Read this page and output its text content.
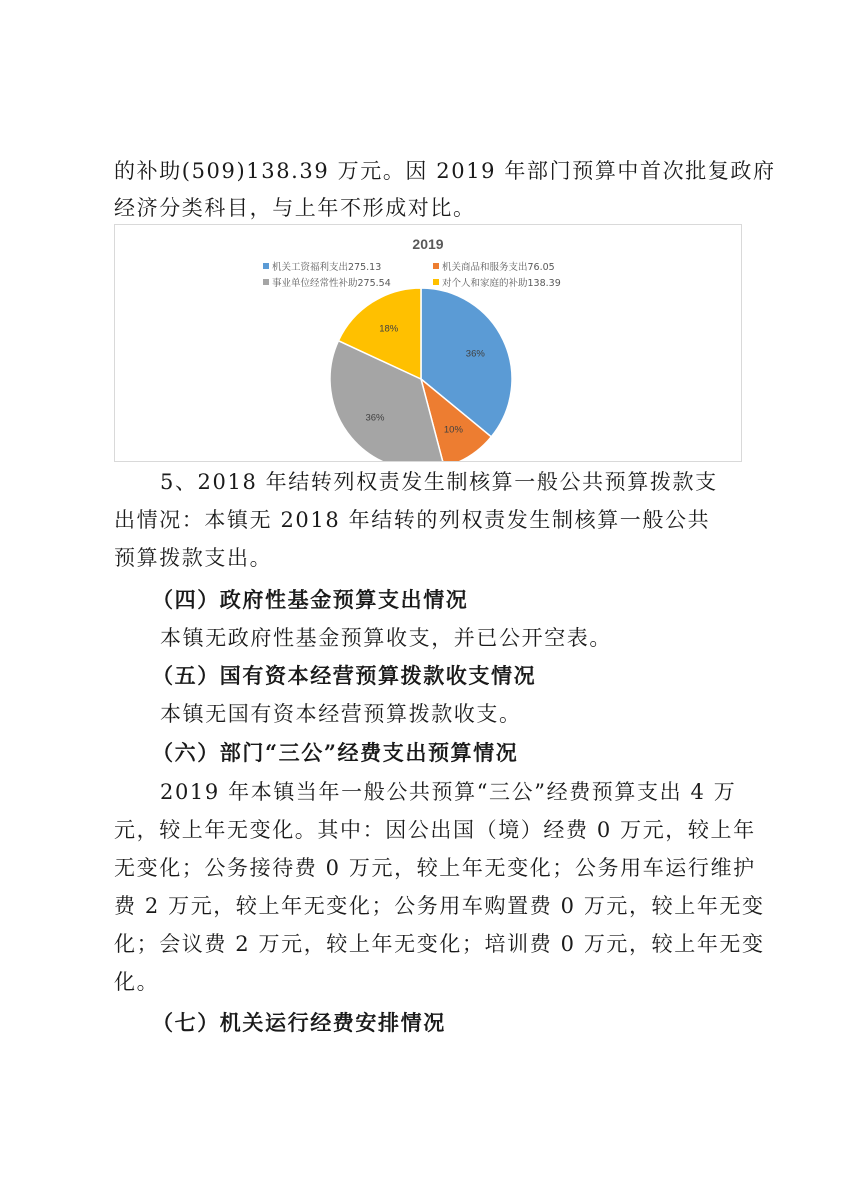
的补助(509)138.39 万元。因 2019 年部门预算中首次批复政府
经济分类科目，与上年不形成对比。
2019
机关工资福利支出275.13	机关商品和服务支出76.05
事业单位经常性补助275.54	对个人和家庭的补助138.39
36%
10%
36%
18%
5、2018 年结转列权责发生制核算一般公共预算拨款支
出情况：本镇无 2018 年结转的列权责发生制核算一般公共
预算拨款支出。
（四）政府性基金预算支出情况
本镇无政府性基金预算收支，并已公开空表。
（五）国有资本经营预算拨款收支情况
本镇无国有资本经营预算拨款收支。
（六）部门“三公”经费支出预算情况
2019 年本镇当年一般公共预算“三公”经费预算支出 4 万
元，较上年无变化。其中：因公出国（境）经费 0 万元，较上年
无变化；公务接待费 0 万元，较上年无变化；公务用车运行维护
费 2 万元，较上年无变化；公务用车购置费 0 万元，较上年无变
化；会议费 2 万元，较上年无变化；培训费 0 万元，较上年无变
化。
（七）机关运行经费安排情况
